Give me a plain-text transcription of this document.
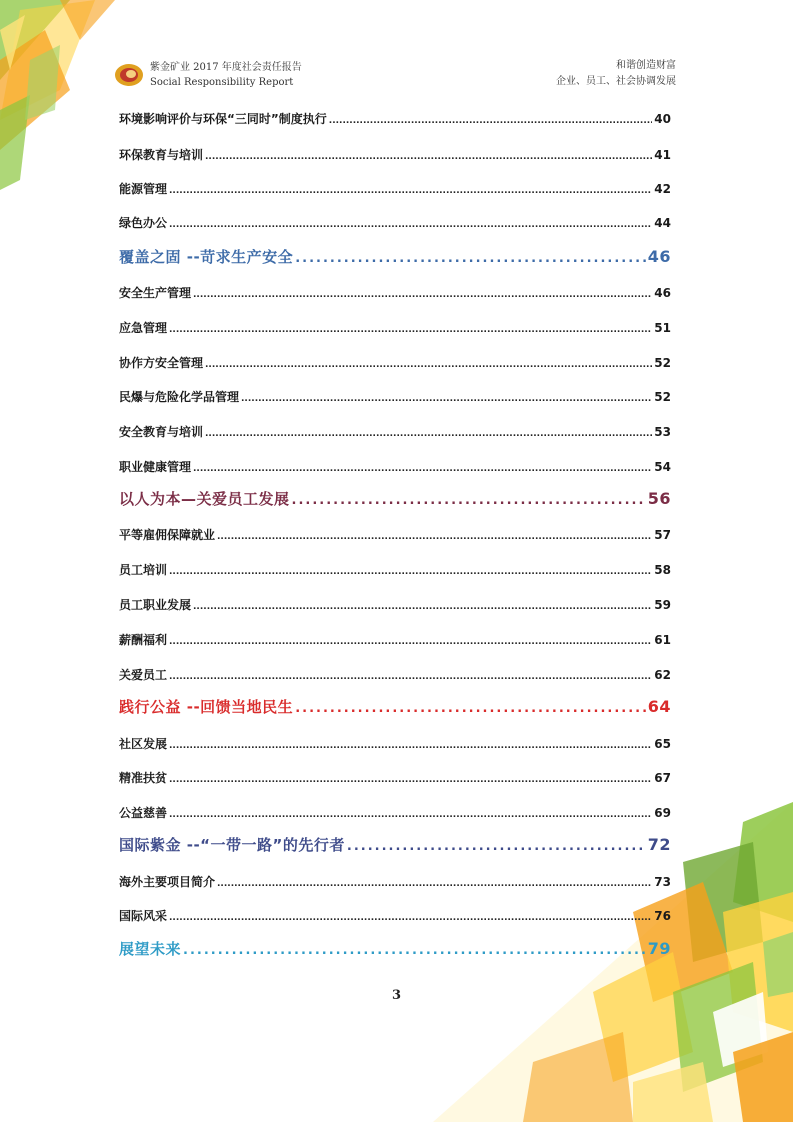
紫金矿业 2017 年度社会责任报告
Social Responsibility Report
和谐创造财富
企业、员工、社会协调发展
环境影响评价与环保“三同时”制度执行 .....	40
环保教育与培训 .....	41
能源管理 .....	42
绿色办公 .....	44
覆盖之固 --苛求生产安全 .....	46
安全生产管理 .....	46
应急管理 .....	51
协作方安全管理 .....	52
民爆与危险化学品管理 .....	52
安全教育与培训 .....	53
职业健康管理 .....	54
以人为本—关爱员工发展 .....	56
平等雇佣保障就业 .....	57
员工培训 .....	58
员工职业发展 .....	59
薪酬福利 .....	61
关爱员工 .....	62
践行公益 --回馈当地民生 .....	64
社区发展 .....	65
精准扶贫 .....	67
公益慈善 .....	69
国际紫金 --“一带一路”的先行者 .....	72
海外主要项目简介 .....	73
国际风采 .....	76
展望未来 .....	79
3
